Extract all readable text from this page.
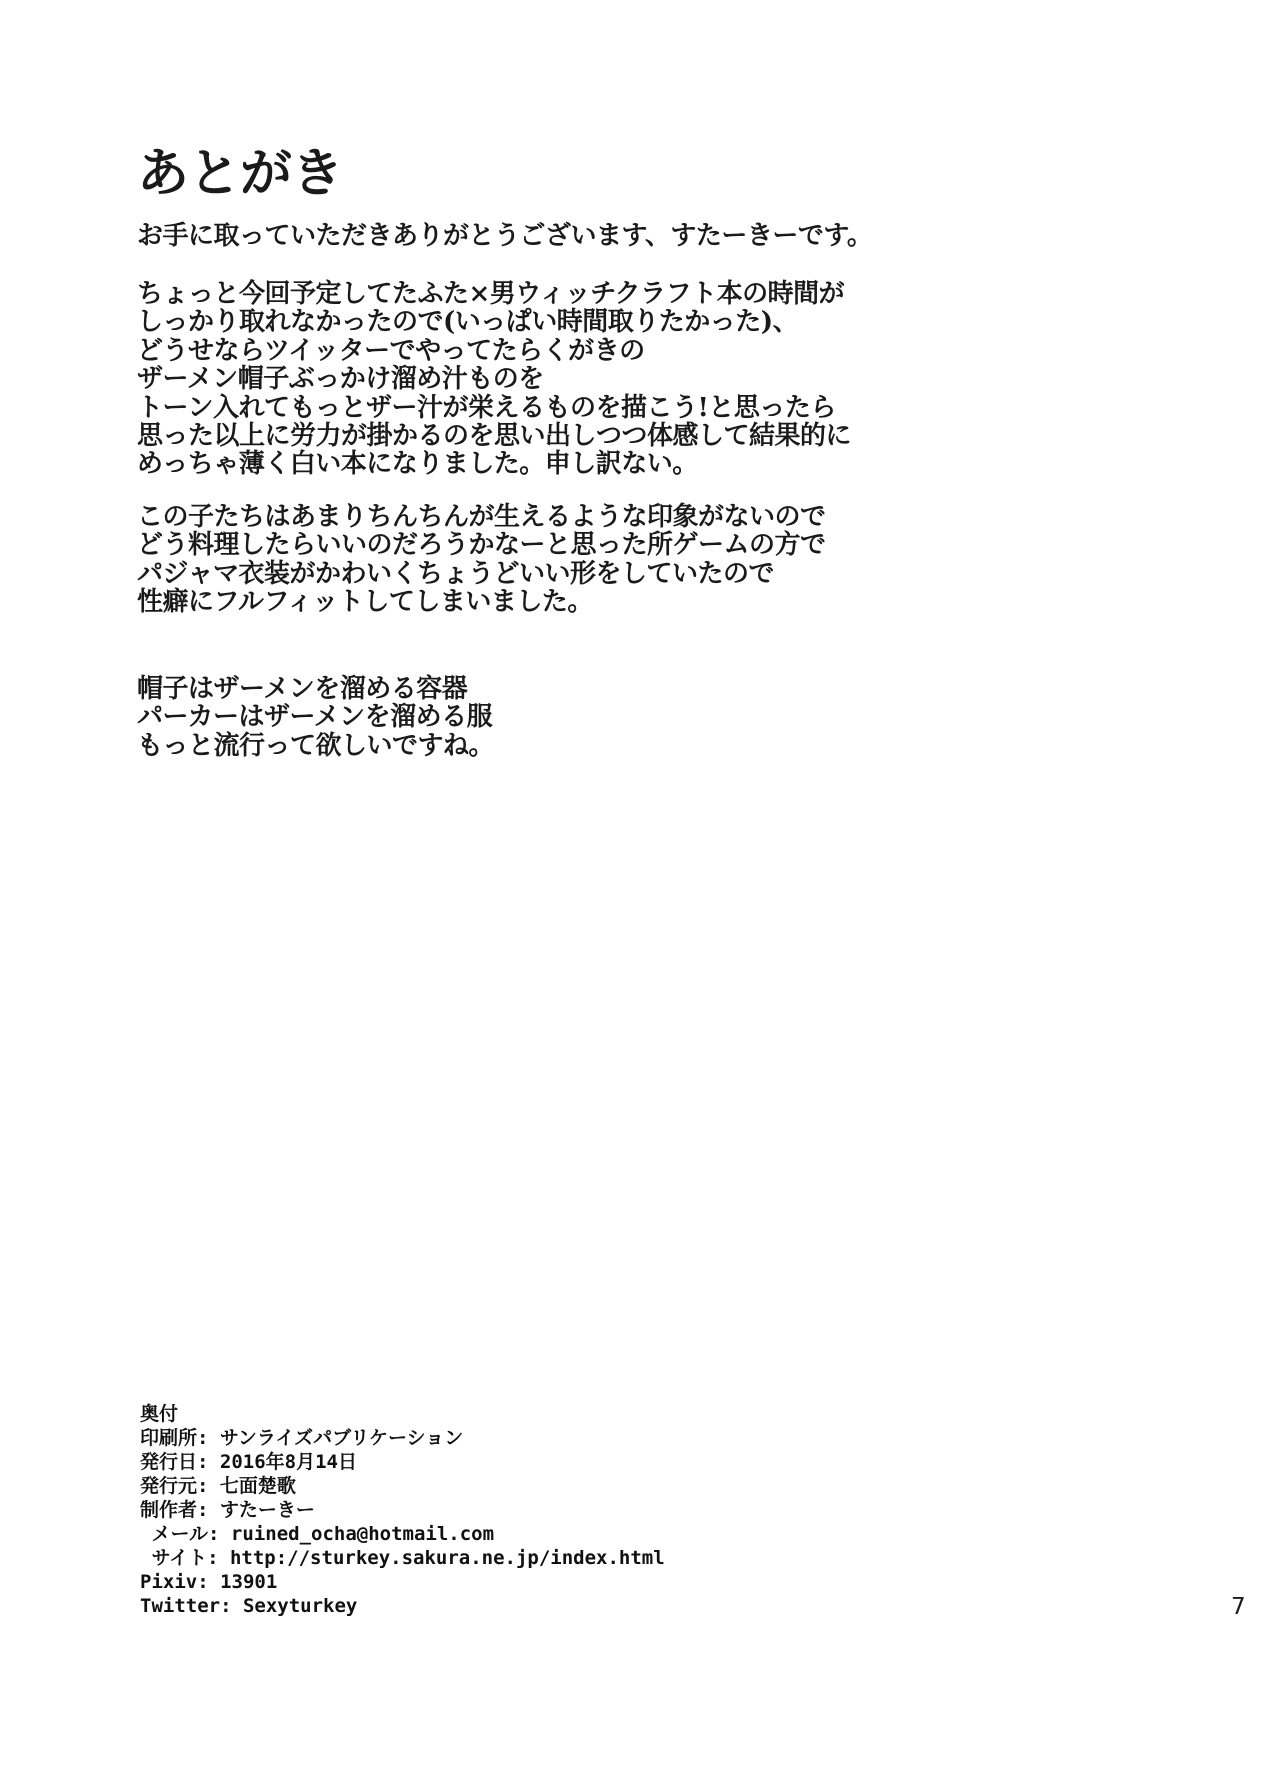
あとがき
お手に取っていただきありがとうございます、すたーきーです。
ちょっと今回予定してたふた×男ウィッチクラフト本の時間が
しっかり取れなかったので(いっぱい時間取りたかった)、
どうせならツイッターでやってたらくがきの
ザーメン帽子ぶっかけ溜め汁ものを
トーン入れてもっとザー汁が栄えるものを描こう!と思ったら
思った以上に労力が掛かるのを思い出しつつ体感して結果的に
めっちゃ薄く白い本になりました。申し訳ない。
この子たちはあまりちんちんが生えるような印象がないので
どう料理したらいいのだろうかなーと思った所ゲームの方で
パジャマ衣装がかわいくちょうどいい形をしていたので
性癖にフルフィットしてしまいました。
帽子はザーメンを溜める容器
パーカーはザーメンを溜める服
もっと流行って欲しいですね。
奥付
印刷所: サンライズパブリケーション
発行日: 2016年8月14日
発行元: 七面楚歌
制作者: すたーきー
メール: ruined_ocha@hotmail.com
サイト: http://sturkey.sakura.ne.jp/index.html
Pixiv: 13901
Twitter: Sexyturkey	7
